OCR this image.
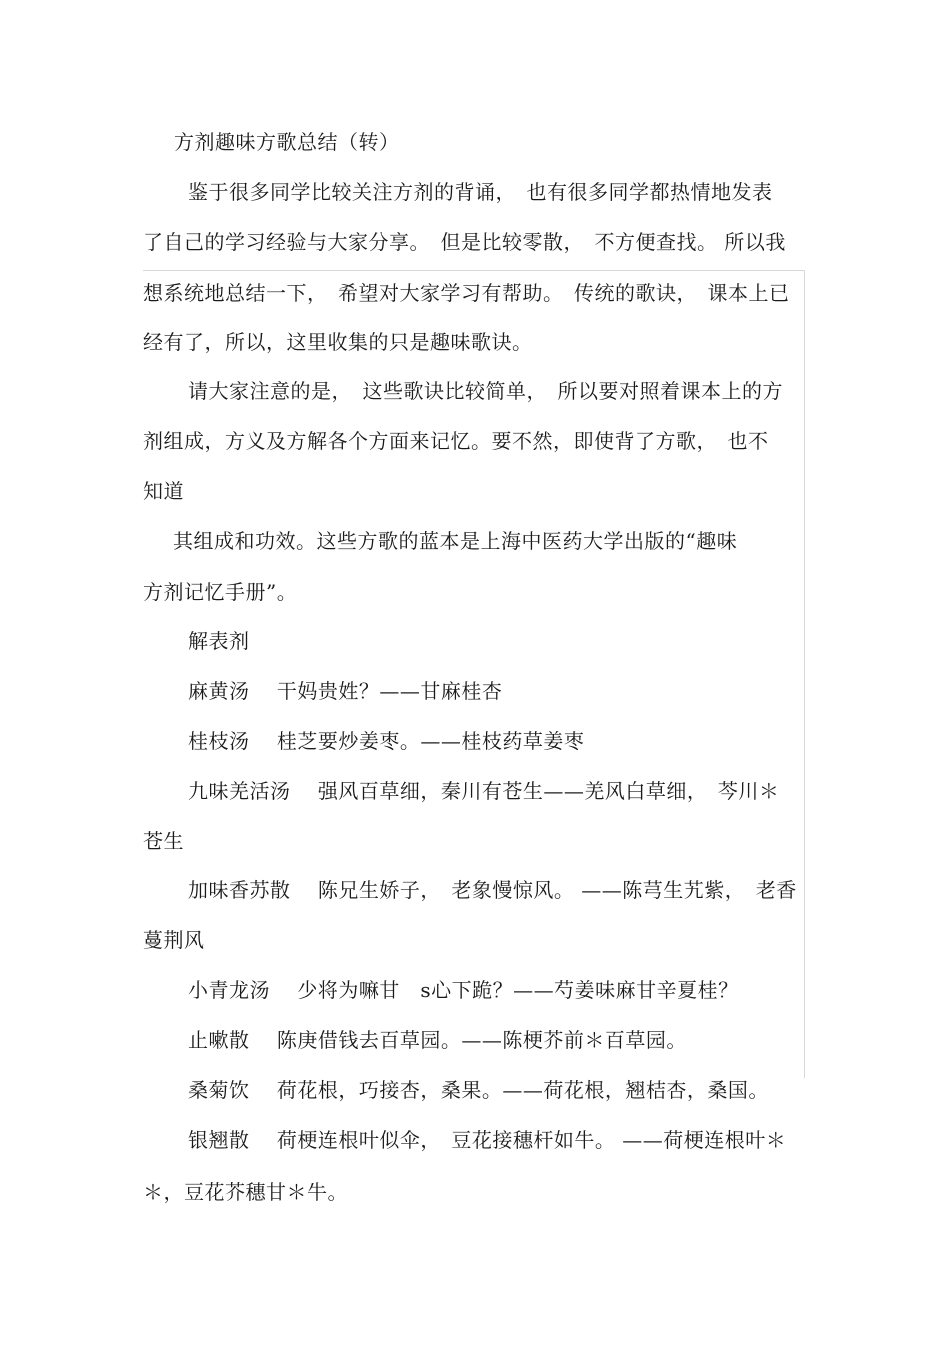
方剂趣味方歌总结（转）
鉴于很多同学比较关注方剂的背诵，　也有很多同学都热情地发表
了自己的学习经验与大家分享。　但是比较零散，　不方便查找。 所以我
想系统地总结一下，　希望对大家学习有帮助。　传统的歌诀，　课本上已
经有了，所以，这里收集的只是趣味歌诀。
请大家注意的是，　这些歌诀比较简单，　所以要对照着课本上的方
剂组成，方义及方解各个方面来记忆。要不然，即使背了方歌，　也不
知道
其组成和功效。这些方歌的蓝本是上海中医药大学出版的“趣味
方剂记忆手册”。
解表剂
麻黄汤　 干妈贵姓？——甘麻桂杏
桂枝汤　 桂芝要炒姜枣。——桂枝药草姜枣
九味羌活汤　 强风百草细，秦川有苍生——羌风白草细，　芩川＊
苍生
加味香苏散　 陈兄生娇子，　老象慢惊风。 ——陈芎生艽紫，　老香
蔓荆风
小青龙汤　 少将为嘛甘　s心下跪？——芍姜味麻甘辛夏桂？
止嗽散　 陈庚借钱去百草园。——陈梗芥前＊百草园。
桑菊饮　 荷花根，巧接杏，桑果。——荷花根，翘桔杏，桑国。
银翘散　 荷梗连根叶似伞，　豆花接穗杆如牛。 ——荷梗连根叶＊
＊，豆花芥穗甘＊牛。
